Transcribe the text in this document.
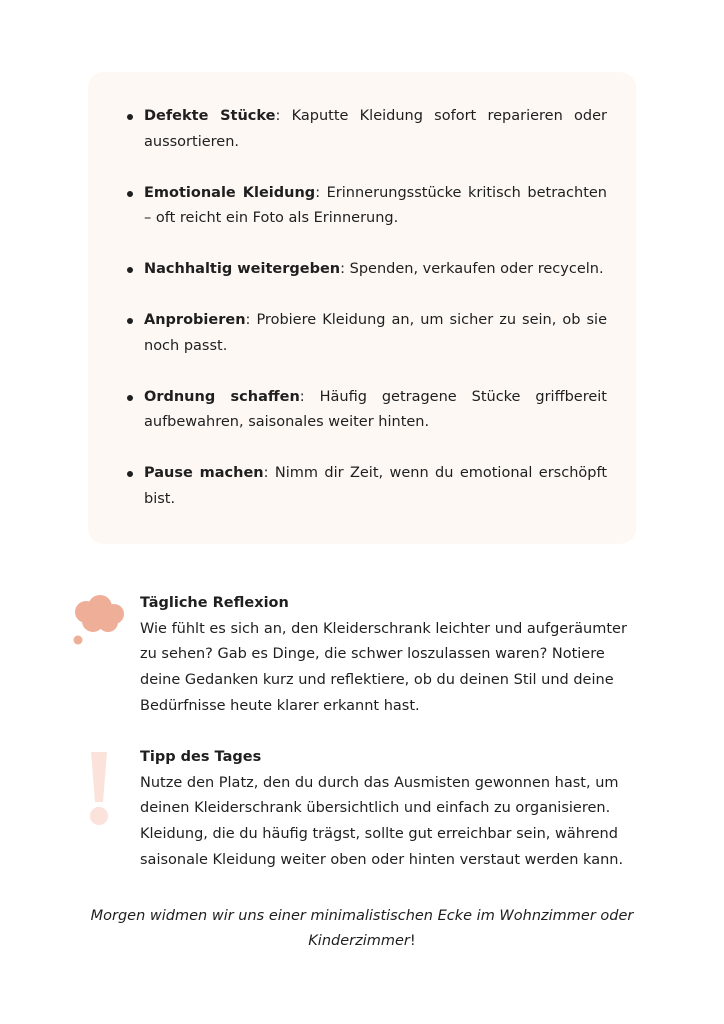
Defekte Stücke: Kaputte Kleidung sofort reparieren oder aussortieren.
Emotionale Kleidung: Erinnerungsstücke kritisch betrachten – oft reicht ein Foto als Erinnerung.
Nachhaltig weitergeben: Spenden, verkaufen oder recyceln.
Anprobieren: Probiere Kleidung an, um sicher zu sein, ob sie noch passt.
Ordnung schaffen: Häufig getragene Stücke griffbereit aufbewahren, saisonales weiter hinten.
Pause machen: Nimm dir Zeit, wenn du emotional erschöpft bist.
Tägliche Reflexion
Wie fühlt es sich an, den Kleiderschrank leichter und aufgeräumter zu sehen? Gab es Dinge, die schwer loszulassen waren? Notiere deine Gedanken kurz und reflektiere, ob du deinen Stil und deine Bedürfnisse heute klarer erkannt hast.
Tipp des Tages
Nutze den Platz, den du durch das Ausmisten gewonnen hast, um deinen Kleiderschrank übersichtlich und einfach zu organisieren. Kleidung, die du häufig trägst, sollte gut erreichbar sein, während saisonale Kleidung weiter oben oder hinten verstaut werden kann.
Morgen widmen wir uns einer minimalistischen Ecke im Wohnzimmer oder Kinderzimmer!
